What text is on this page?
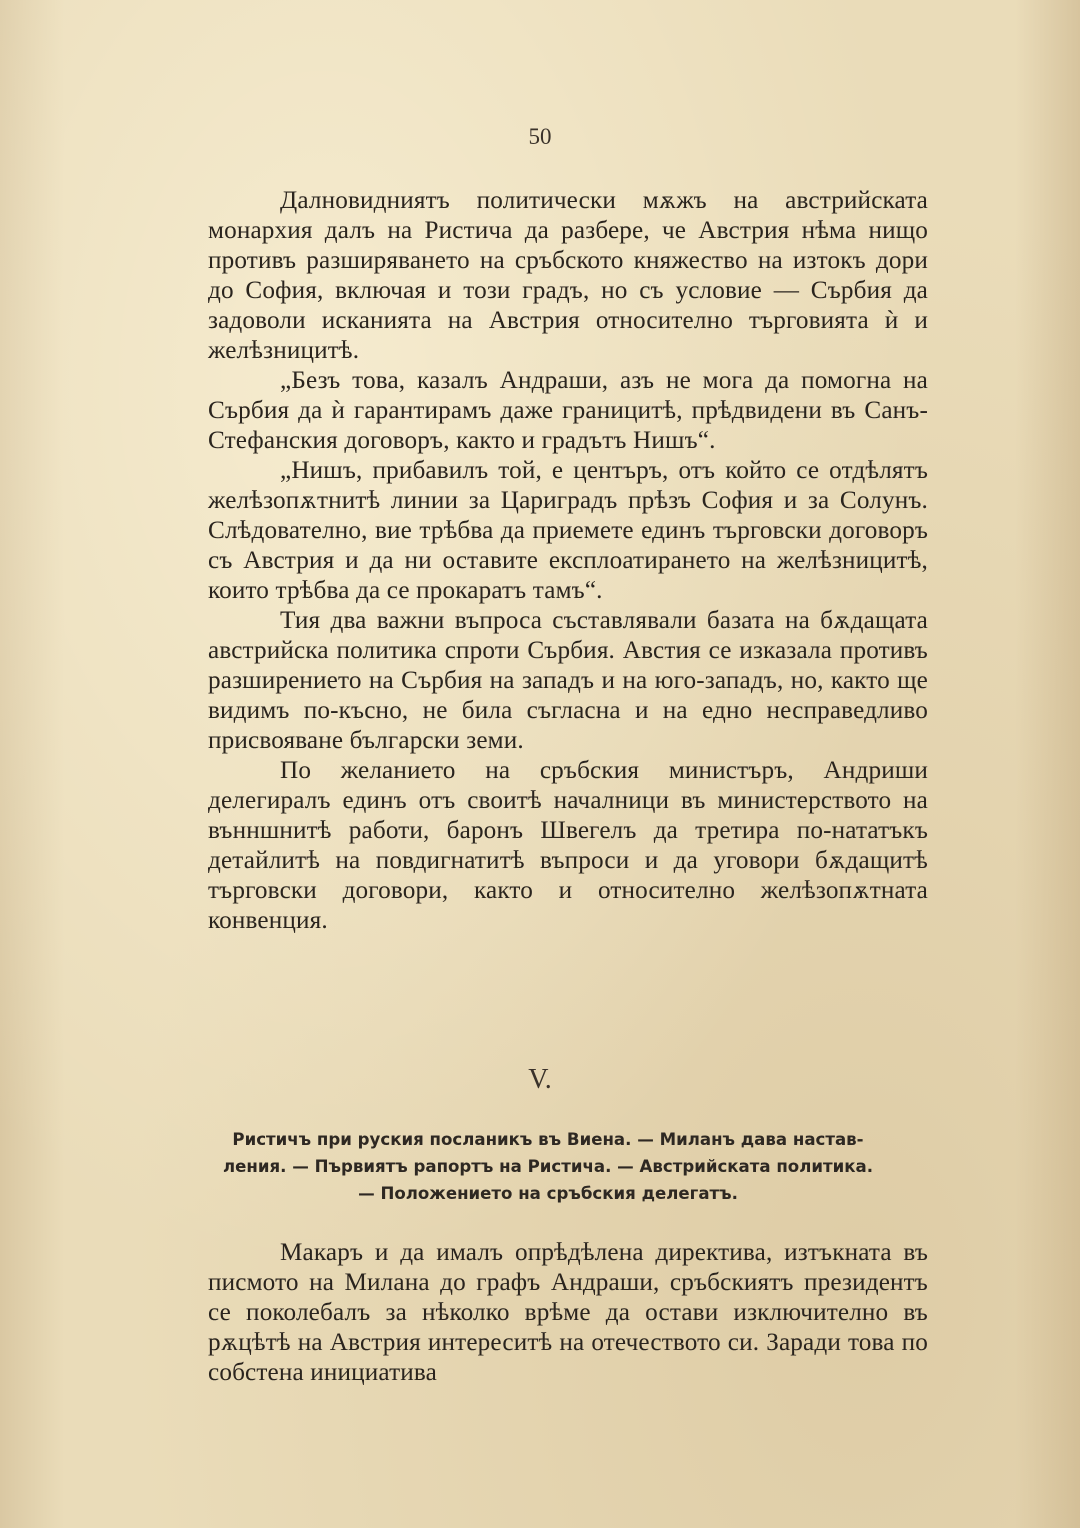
50

Далновидниятъ политически мѫжъ на австрийската монархия далъ на Ристича да разбере, че Австрия нѣма нищо противъ разширяването на сръбското княжество на изтокъ дори до София, включая и този градъ, но съ условие — Сърбия да задоволи исканията на Австрия относително търговията ѝ и желѣзницитѣ.

„Безъ това, казалъ Андраши, азъ не мога да помогна на Сърбия да ѝ гарантирамъ даже границитѣ, прѣдвидени въ Санъ-Стефанския договоръ, както и градътъ Нишъ“.

„Нишъ, прибавилъ той, е центъръ, отъ който се отдѣлятъ желѣзопѫтнитѣ линии за Цариградъ прѣзъ София и за Солунъ. Слѣдователно, вие трѣбва да приемете единъ търговски договоръ съ Австрия и да ни оставите експлоатирането на желѣзницитѣ, които трѣбва да се прокаратъ тамъ“.

Тия два важни въпроса съставлявали базата на бѫдащата австрийска политика спроти Сърбия. Австия се изказала противъ разширението на Сърбия на западъ и на юго-западъ, но, както ще видимъ по-късно, не била съгласна и на едно несправедливо присвояване български земи.

По желанието на сръбския министъръ, Андриши делегиралъ единъ отъ своитѣ началници въ министерството на вънншнитѣ работи, баронъ Швегелъ да третира по-нататъкъ детайлитѣ на повдигнатитѣ въпроси и да уговори бѫдащитѣ търговски договори, както и относително желѣзопѫтната конвенция.

V.
Ристичъ при руския посланикъ въ Виена. — Миланъ дава наставления. — Първиятъ рапортъ на Ристича. — Австрийската политика. — Положението на сръбския делегатъ.

Макаръ и да ималъ опрѣдѣлена директива, изтъкната въ писмото на Милана до графъ Андраши, сръбскиятъ президентъ се поколебалъ за нѣколко врѣме да остави изключително въ рѫцѣтѣ на Австрия интереситѣ на отечеството си. Заради това по собстена инициатива
